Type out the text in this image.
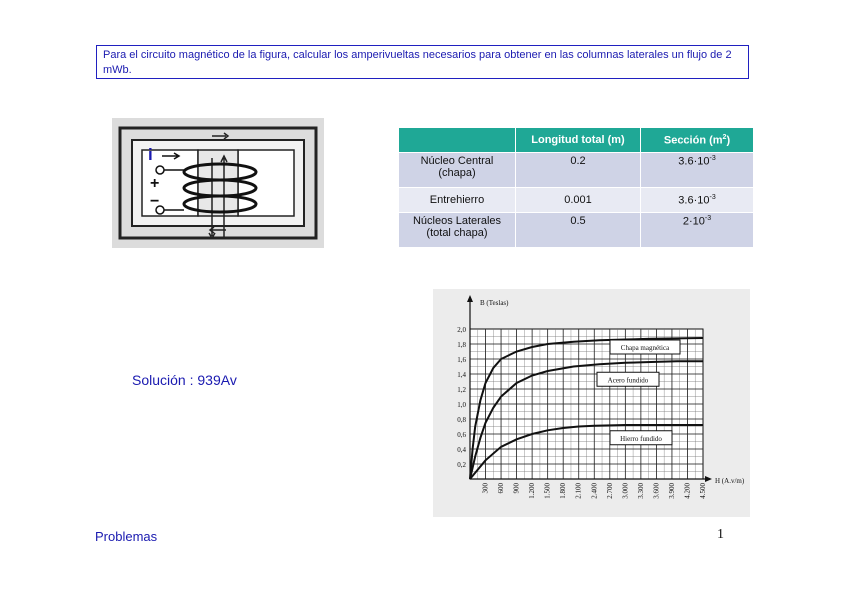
Para el circuito magnético de la figura, calcular los amperivueltas necesarios para obtener en las columnas laterales un flujo de 2 mWb.
i
+
−
	Longitud total (m)	Sección $(m^2)$
Núcleo Central
(chapa)	0.2	$3.6\cdot 10^{-3}$
Entrehierro	0.001	$3.6\cdot 10^{-3}$
Núcleos Laterales
(total chapa)	0.5	$2\cdot 10^{-3}$
Solución : 939Av
0,2
0,4
0,6
0,8
1,0
1,2
1,4
1,6
1,8
2,0
300 600 900 1.200 1.500 1.800 2.100 2.400 2.700 3.000 3.300 3.600 3.900 4.200 4.500
B (Teslas)
H (A.v/m)
Chapa magnética
Acero fundido
Hierro fundido
Problemas	1
